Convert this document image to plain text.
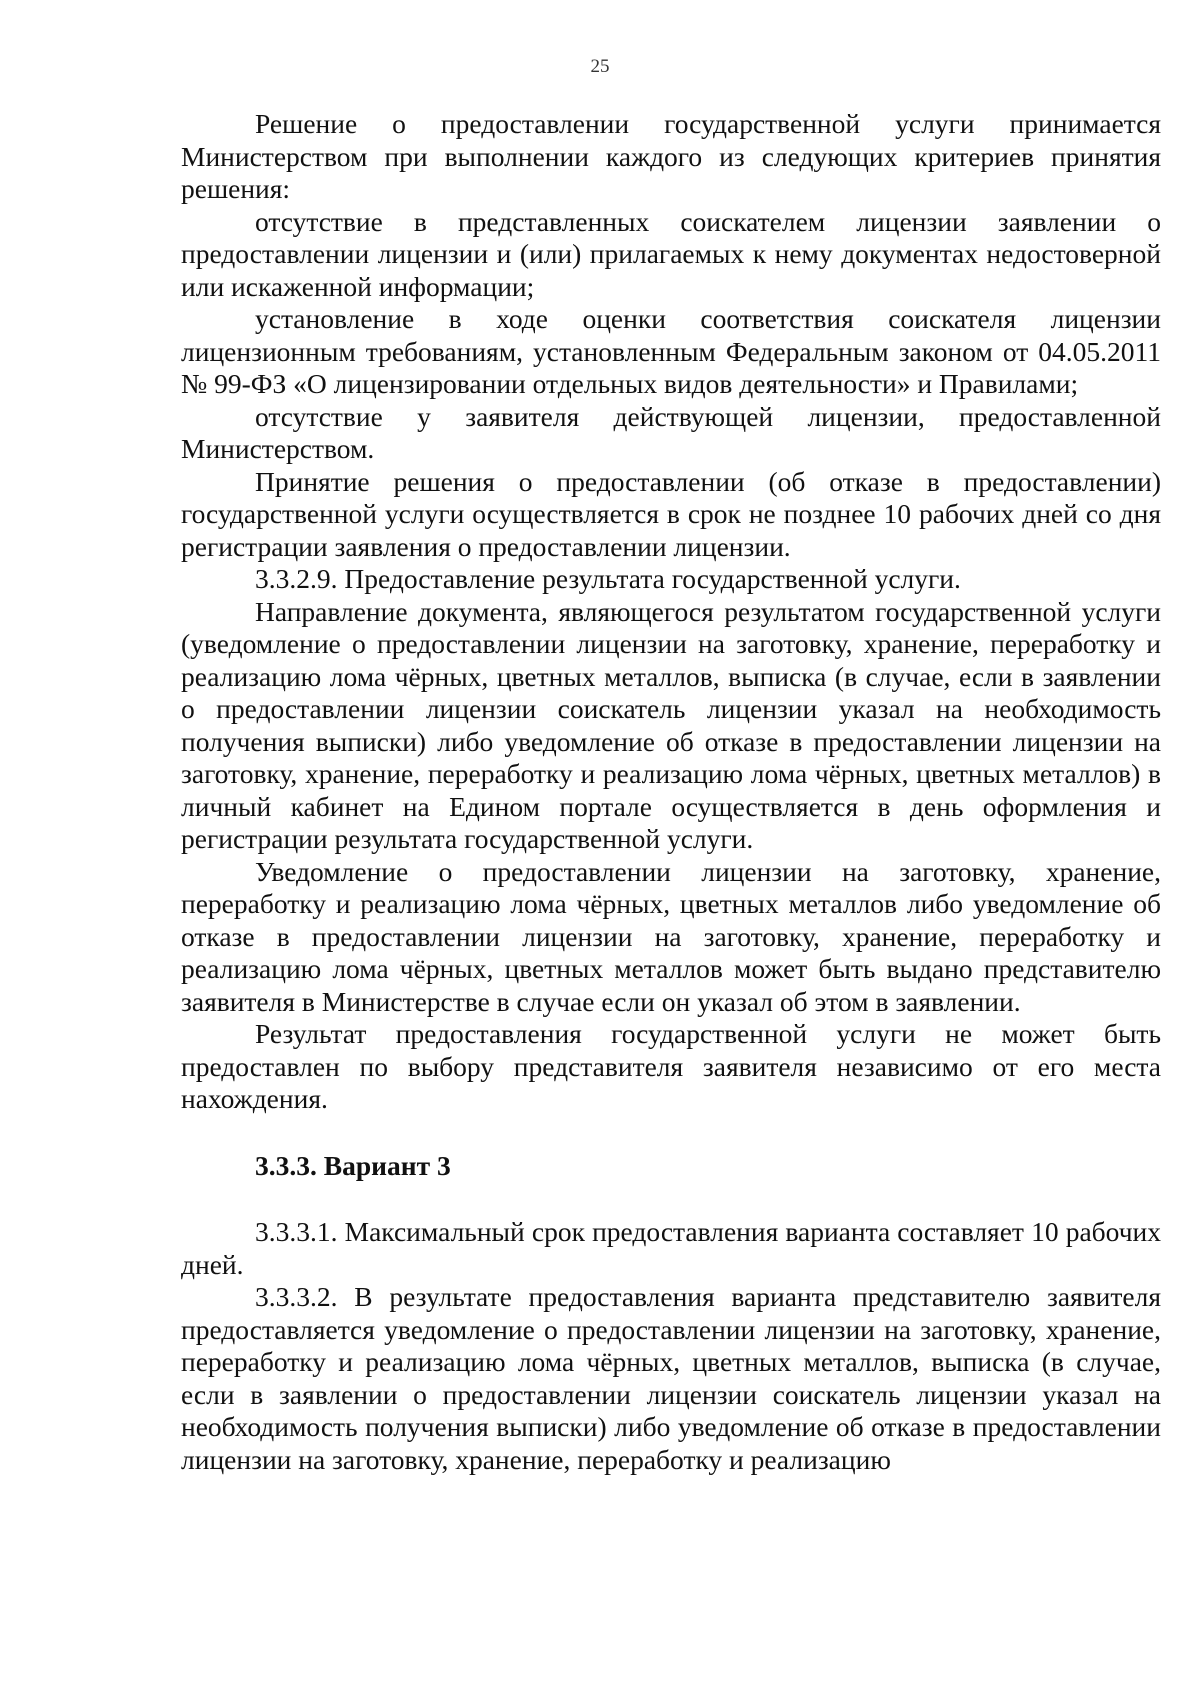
25

Решение о предоставлении государственной услуги принимается Министерством при выполнении каждого из следующих критериев принятия решения:

отсутствие в представленных соискателем лицензии заявлении о предоставлении лицензии и (или) прилагаемых к нему документах недостоверной или искаженной информации;

установление в ходе оценки соответствия соискателя лицензии лицензионным требованиям, установленным Федеральным законом от 04.05.2011 № 99-ФЗ «О лицензировании отдельных видов деятельности» и Правилами;

отсутствие у заявителя действующей лицензии, предоставленной Министерством.

Принятие решения о предоставлении (об отказе в предоставлении) государственной услуги осуществляется в срок не позднее 10 рабочих дней со дня регистрации заявления о предоставлении лицензии.

3.3.2.9. Предоставление результата государственной услуги.

Направление документа, являющегося результатом государственной услуги (уведомление о предоставлении лицензии на заготовку, хранение, переработку и реализацию лома чёрных, цветных металлов, выписка (в случае, если в заявлении о предоставлении лицензии соискатель лицензии указал на необходимость получения выписки) либо уведомление об отказе в предоставлении лицензии на заготовку, хранение, переработку и реализацию лома чёрных, цветных металлов) в личный кабинет на Едином портале осуществляется в день оформления и регистрации результата государственной услуги.

Уведомление о предоставлении лицензии на заготовку, хранение, переработку и реализацию лома чёрных, цветных металлов либо уведомление об отказе в предоставлении лицензии на заготовку, хранение, переработку и реализацию лома чёрных, цветных металлов может быть выдано представителю заявителя в Министерстве в случае если он указал об этом в заявлении.

Результат предоставления государственной услуги не может быть предоставлен по выбору представителя заявителя независимо от его места нахождения.

3.3.3. Вариант 3

3.3.3.1. Максимальный срок предоставления варианта составляет 10 рабочих дней.

3.3.3.2. В результате предоставления варианта представителю заявителя предоставляется уведомление о предоставлении лицензии на заготовку, хранение, переработку и реализацию лома чёрных, цветных металлов, выписка (в случае, если в заявлении о предоставлении лицензии соискатель лицензии указал на необходимость получения выписки) либо уведомление об отказе в предоставлении лицензии на заготовку, хранение, переработку и реализацию
